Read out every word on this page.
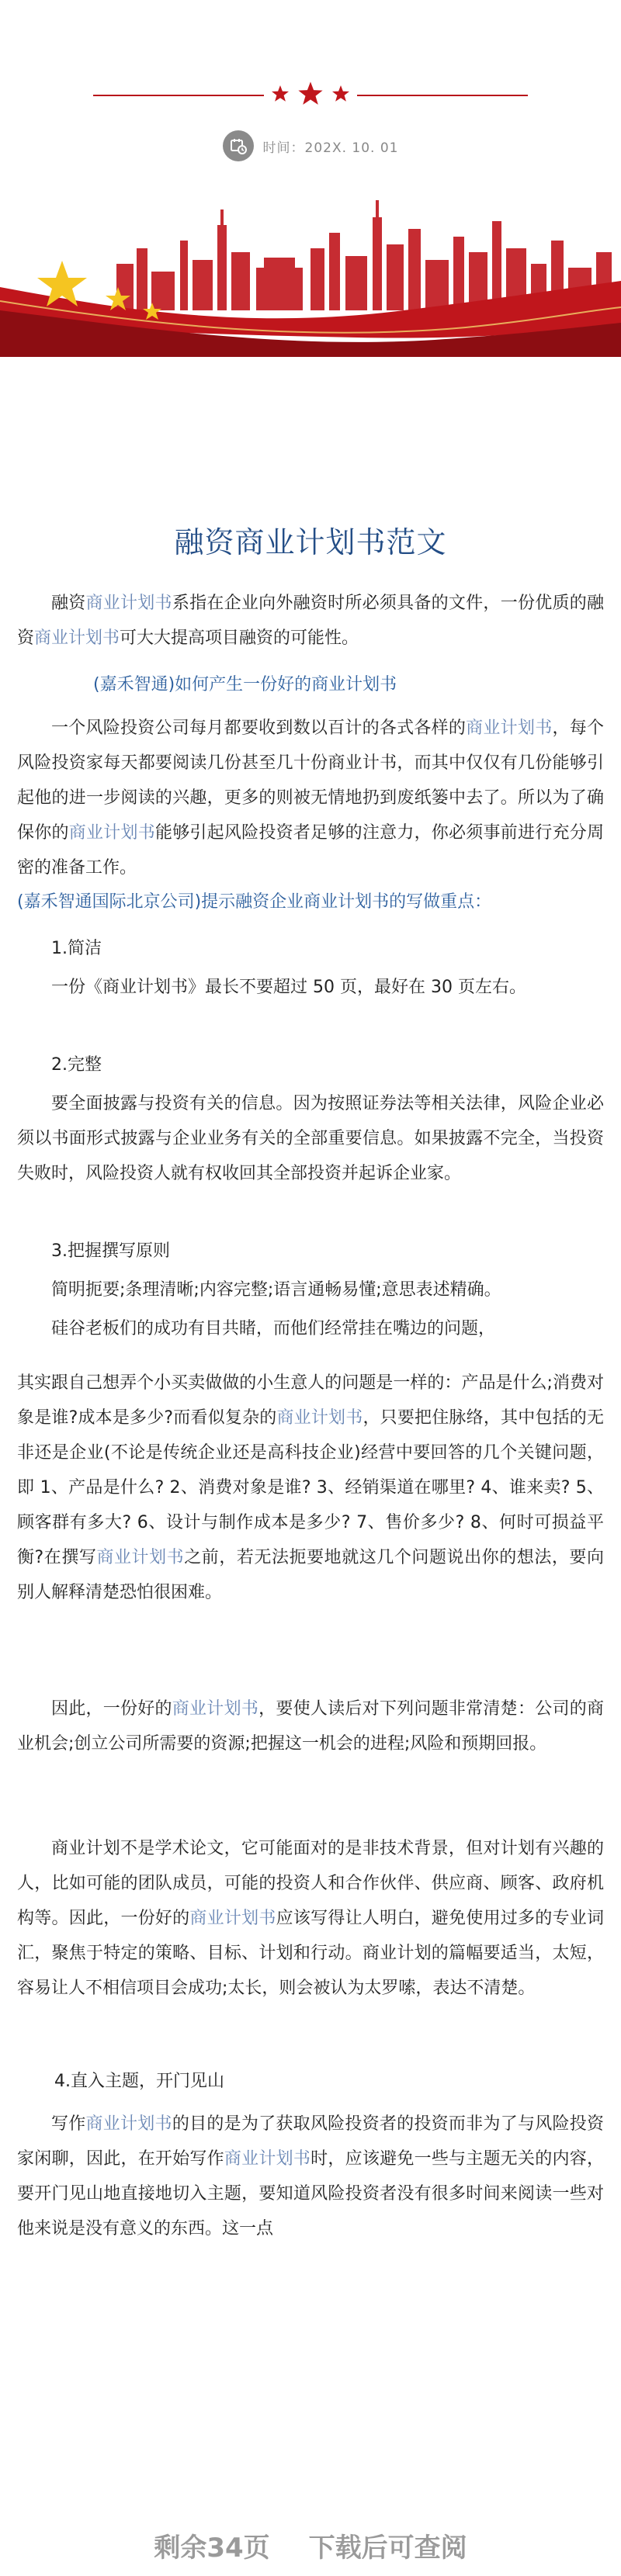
时间：202X. 10. 01
融资商业计划书范文
融资商业计划书系指在企业向外融资时所必须具备的文件，一份优质的融资商业计划书可大大提高项目融资的可能性。
(嘉禾智通)如何产生一份好的商业计划书
一个风险投资公司每月都要收到数以百计的各式各样的商业计划书，每个风险投资家每天都要阅读几份甚至几十份商业计书，而其中仅仅有几份能够引起他的进一步阅读的兴趣，更多的则被无情地扔到废纸篓中去了。所以为了确保你的商业计划书能够引起风险投资者足够的注意力，你必须事前进行充分周密的准备工作。
(嘉禾智通国际北京公司)提示融资企业商业计划书的写做重点：
1.简洁
一份《商业计划书》最长不要超过 50 页，最好在 30 页左右。
2.完整
要全面披露与投资有关的信息。因为按照证券法等相关法律，风险企业必须以书面形式披露与企业业务有关的全部重要信息。如果披露不完全，当投资失败时，风险投资人就有权收回其全部投资并起诉企业家。
3.把握撰写原则
简明扼要;条理清晰;内容完整;语言通畅易懂;意思表述精确。
硅谷老板们的成功有目共睹，而他们经常挂在嘴边的问题，
其实跟自己想弄个小买卖做做的小生意人的问题是一样的：产品是什么;消费对象是谁?成本是多少?而看似复杂的商业计划书，只要把住脉络，其中包括的无非还是企业(不论是传统企业还是高科技企业)经营中要回答的几个关键问题，即 1、产品是什么? 2、消费对象是谁? 3、经销渠道在哪里? 4、谁来卖? 5、顾客群有多大? 6、设计与制作成本是多少? 7、售价多少? 8、何时可损益平衡?在撰写商业计划书之前，若无法扼要地就这几个问题说出你的想法，要向别人解释清楚恐怕很困难。
因此，一份好的商业计划书，要使人读后对下列问题非常清楚：公司的商业机会;创立公司所需要的资源;把握这一机会的进程;风险和预期回报。
商业计划不是学术论文，它可能面对的是非技术背景，但对计划有兴趣的人，比如可能的团队成员，可能的投资人和合作伙伴、供应商、顾客、政府机构等。因此，一份好的商业计划书应该写得让人明白，避免使用过多的专业词汇，聚焦于特定的策略、目标、计划和行动。商业计划的篇幅要适当，太短，容易让人不相信项目会成功;太长，则会被认为太罗嗦，表达不清楚。
4.直入主题，开门见山
写作商业计划书的目的是为了获取风险投资者的投资而非为了与风险投资家闲聊，因此，在开始写作商业计划书时，应该避免一些与主题无关的内容，要开门见山地直接地切入主题，要知道风险投资者没有很多时间来阅读一些对他来说是没有意义的东西。这一点
剩余34页 下载后可查阅
